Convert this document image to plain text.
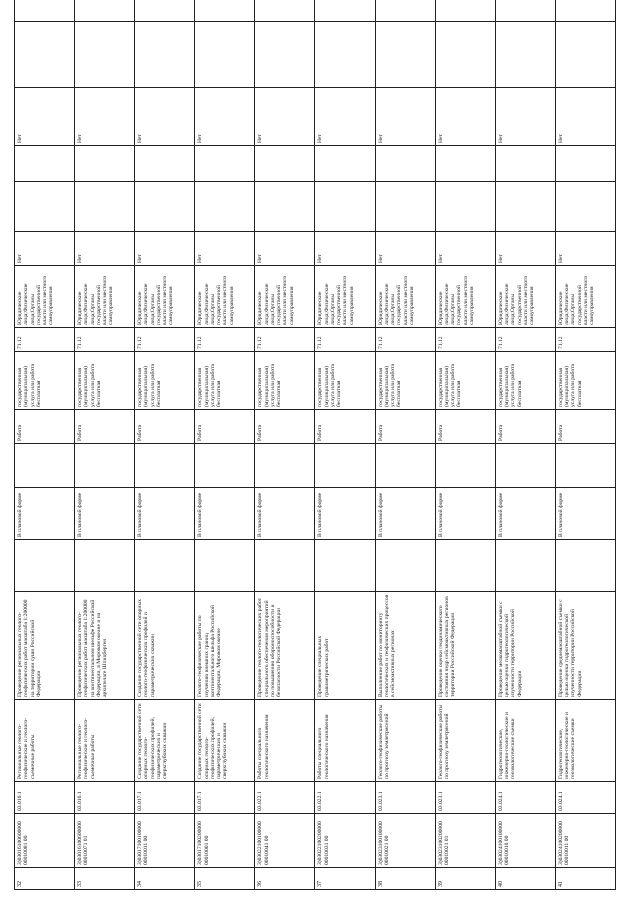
32	3)03016100600000 00010081 00	03.016.1	Региональные геолого-геофизические и геолого-съемочные работы	Проведение региональных геолого-геофизических работ масштаба 1:200000 на территории суши Российской Федерации		В плановой форме		Работа	государственная (муниципальная) услуга или работа бесплатная	71.12	Юридические лица;Физические лица;Органы государственной власти или местного самоуправления	Нет			Нет		
33	3)03016100600000 00010071 01	03.016.1	Региональные геолого-геофизические и геолого-съемочные работы	Проведение региональных геолого-геофизических работ масштаба 1:200000 на континентальном шельфе Российской Федерации, в Мировом океане и на архипелаге Шпицберген		В плановой форме		Работа	государственная (муниципальная) услуга или работа бесплатная	71.12	Юридические лица;Физические лица;Органы государственной власти или местного самоуправления	Нет			Нет		
34	3)03017100100000 00010011 00	03.017.1	Создание государственной сети опорных геолого-геофизических профилей, параметрических и сверхглубоких скважин	Создание государственной сети опорных геолого-геофизических профилей и параметрических скважин		В плановой форме		Работа	государственная (муниципальная) услуга или работа бесплатная	71.12	Юридические лица;Физические лица;Органы государственной власти или местного самоуправления	Нет			Нет		
35	3)03017100200000 00010001 00	03.017.1	Создание государственной сети опорных геолого-геофизических профилей, параметрических и сверхглубоких скважин	Геолого-геофизические работы по изучению внешних границ континентального шельфа Российской Федерации, Мировом океане		В плановой форме		Работа	государственная (муниципальная) услуга или работа бесплатная	71.12	Юридические лица;Физические лица;Органы государственной власти или местного самоуправления	Нет			Нет		
36	3)03022100100000 00010041 00	03.022.1	Работы специального геологического назначения	Проведение геолого-геологических работ специального обеспечения мероприятий по повышению обороноспособности и безопасности Российской Федерации		В плановой форме		Работа	государственная (муниципальная) услуга или работа бесплатная	71.12	Юридические лица;Физические лица;Органы государственной власти или местного самоуправления	Нет			Нет		
37	3)03022100200000 00010031 00	03.022.1	Работы специального геологического назначения	Проведение специальных гравиметрических работ		В плановой форме		Работа	государственная (муниципальная) услуга или работа бесплатная	71.12	Юридические лица;Физические лица;Органы государственной власти или местного самоуправления	Нет			Нет		
38	3)03023100100000 00010021 00	03.023.1	Геолого-геофизические работы по прогнозу землетрясений	Выполнение работ по мониторингу геологических и геофизических процессов в сейсмоактивных регионах		В плановой форме		Работа	государственная (муниципальная) услуга или работа бесплатная	71.12	Юридические лица;Физические лица;Органы государственной власти или местного самоуправления	Нет			Нет		
39	3)03023100200000 00010021 01	03.023.1	Геолого-геофизические работы по прогнозу землетрясений	Проведение оценки геодинамического состояния недр сейсмоактивных регионов территории Российской Федерации		В плановой форме		Работа	государственная (муниципальная) услуга или работа бесплатная	71.12	Юридические лица;Физические лица;Органы государственной власти или местного самоуправления	Нет			Нет		
40	3)03024100100000 00010010 00	03.024.1	Гидрогеологические, инженерно-геологические и геоэкологические съемки	Проведение мелкомасштабной съемки с целью оценки гидрогеологической изученности территории Российской Федерации		В плановой форме		Работа	государственная (муниципальная) услуга или работа бесплатная	71.12	Юридические лица;Физические лица;Органы государственной власти или местного самоуправления	Нет			Нет		
41	3)03024100200000 00010011 00	03.024.1	Гидрогеологические, инженерно-геологические и геоэкологические съемки	Проведение среднемасштабной съемки с целью оценки гидрогеологической изученности территории Российской Федерации		В плановой форме		Работа	государственная (муниципальная) услуга или работа бесплатная	71.12	Юридические лица;Физические лица;Органы государственной власти или местного самоуправления	Нет			Нет		
